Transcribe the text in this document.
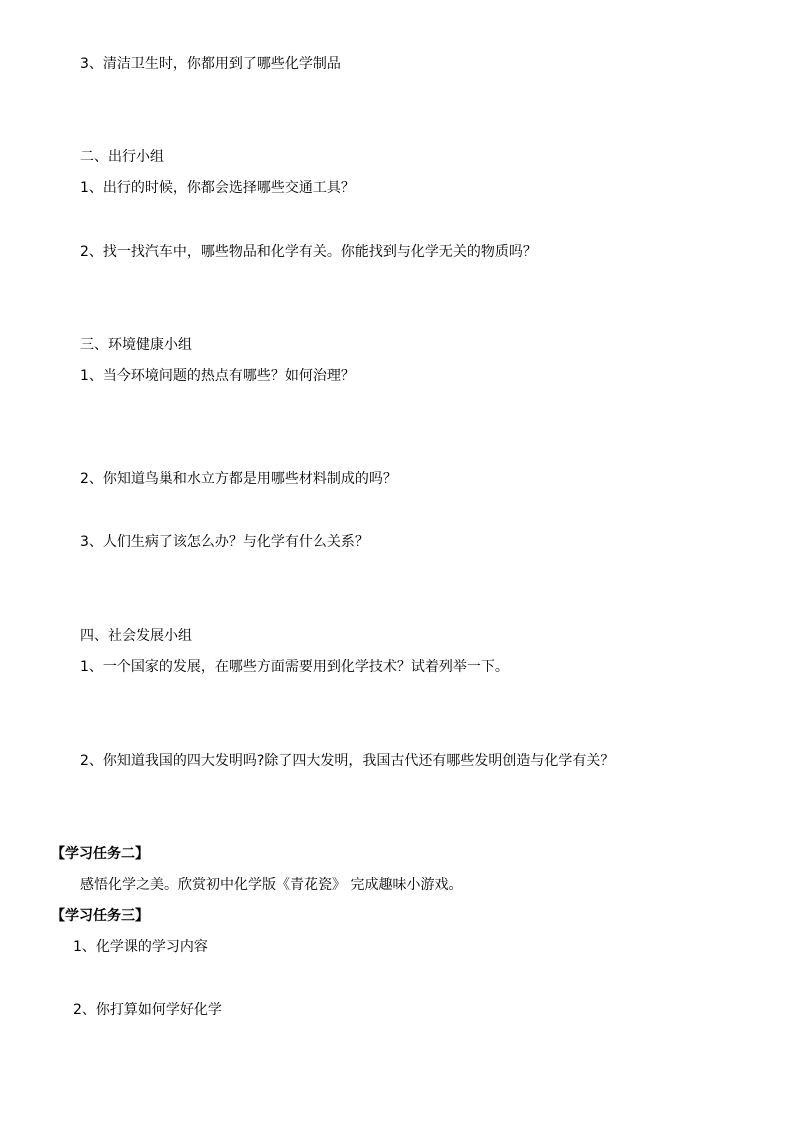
3、清洁卫生时，你都用到了哪些化学制品
二、出行小组
1、出行的时候，你都会选择哪些交通工具？
2、找一找汽车中，哪些物品和化学有关。你能找到与化学无关的物质吗？
三、环境健康小组
1、当今环境问题的热点有哪些？如何治理？
2、你知道鸟巢和水立方都是用哪些材料制成的吗？
3、人们生病了该怎么办？与化学有什么关系？
四、社会发展小组
1、一个国家的发展，在哪些方面需要用到化学技术？试着列举一下。
2、你知道我国的四大发明吗?除了四大发明，我国古代还有哪些发明创造与化学有关？
【学习任务二】
感悟化学之美。欣赏初中化学版《青花瓷》 完成趣味小游戏。
【学习任务三】
1、化学课的学习内容
2、你打算如何学好化学
